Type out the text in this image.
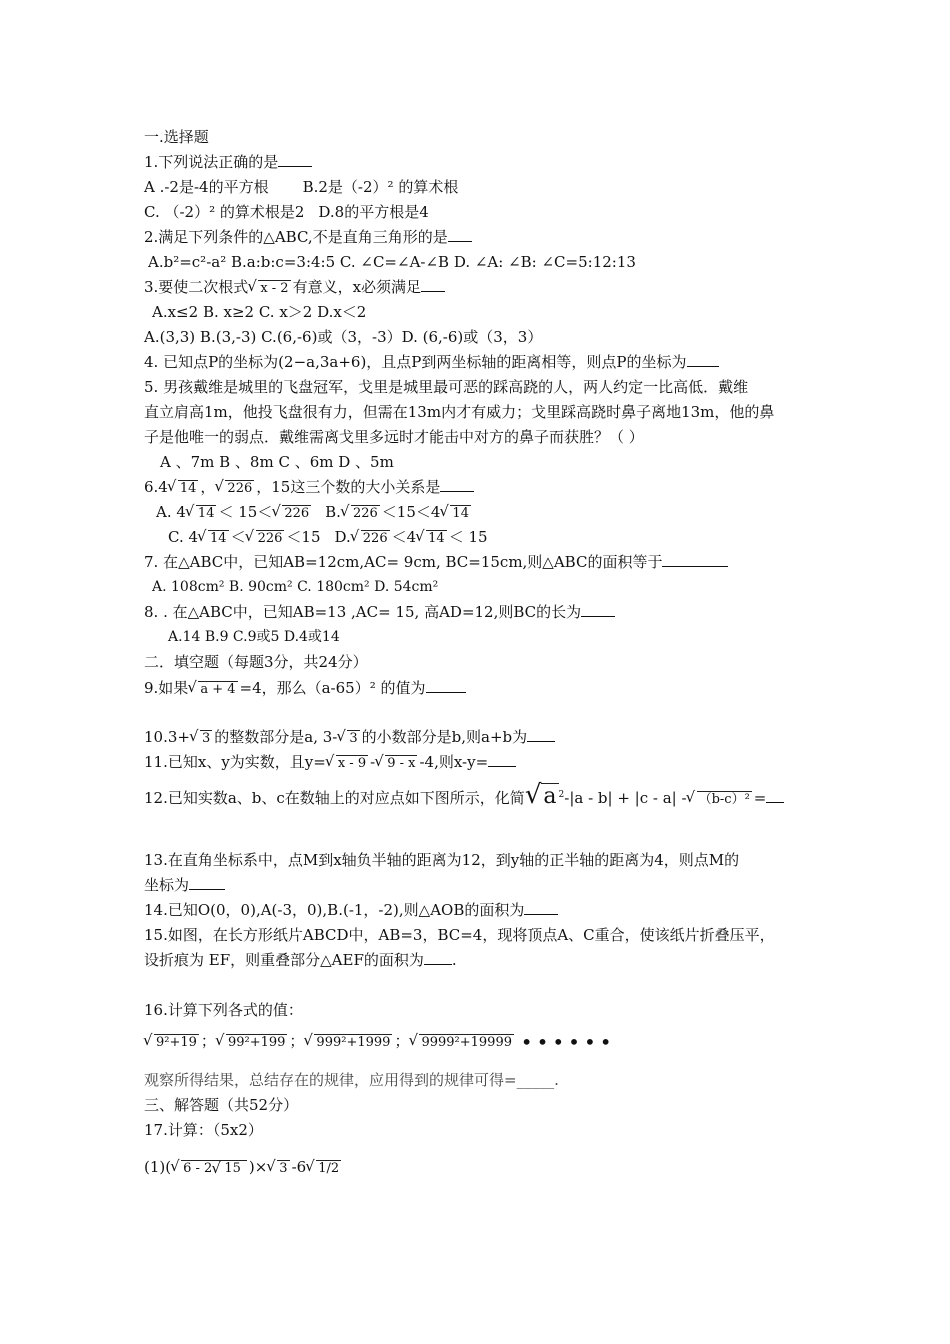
一.选择题
1.下列说法正确的是
A .-2是-4的平方根 B.2是（-2）² 的算术根
C. （-2）² 的算术根是2 D.8的平方根是4
2.满足下列条件的△ABC,不是直角三角形的是
A.b²=c²-a² B.a:b:c=3:4:5 C. ∠C=∠A-∠B D. ∠A: ∠B: ∠C=5:12:13
3.要使二次根式 √ x - 2 有意义，x必须满足
A.x≤2 B. x≥2 C. x＞2 D.x＜2
A.(3,3) B.(3,-3) C.(6,-6)或（3，-3）D. (6,-6)或（3，3）
4. 已知点P的坐标为(2−a,3a+6)，且点P到两坐标轴的距离相等，则点P的坐标为
5. 男孩戴维是城里的飞盘冠军，戈里是城里最可恶的踩高跷的人，两人约定一比高低．戴维
直立肩高1m，他投飞盘很有力，但需在13m内才有威力；戈里踩高跷时鼻子离地13m，他的鼻
子是他唯一的弱点．戴维需离戈里多远时才能击中对方的鼻子而获胜？（ ）
A 、7m B 、8m C 、6m D 、5m
6.4 √ 14 ， √ 226 ，15这三个数的大小关系是
A. 4 √ 14 ＜ 15＜ √ 226 B. √ 226 ＜15＜4 √ 14
C. 4 √ 14 ＜ √ 226 ＜15 D. √ 226 ＜4 √ 14 ＜ 15
7. 在△ABC中，已知AB=12cm,AC= 9cm, BC=15cm,则△ABC的面积等于
A. 108cm² B. 90cm² C. 180cm² D. 54cm²
8. . 在△ABC中，已知AB=13 ,AC= 15, 高AD=12,则BC的长为
A.14 B.9 C.9或5 D.4或14
二．填空题（每题3分，共24分）
9.如果 √ a + 4 =4，那么（a-65）² 的值为
10.3+ √ 3 的整数部分是a, 3- √ 3 的小数部分是b,则a+b为
11.已知x、y为实数，且y= √ x - 9 - √ 9 - x -4,则x-y=
12.已知实数a、b、c在数轴上的对应点如下图所示，化简√a $^2$-|a - b| + |c - a| - √ （b-c）² =
13.在直角坐标系中，点M到x轴负半轴的距离为12，到y轴的正半轴的距离为4，则点M的
坐标为
14.已知O(0，0),A(-3，0),B.(-1，-2),则△AOB的面积为
15.如图，在长方形纸片ABCD中，AB=3，BC=4，现将顶点A、C重合，使该纸片折叠压平，
设折痕为 EF，则重叠部分△AEF的面积为 .
16.计算下列各式的值：
√ 9²+19 ； √ 99²+199 ； √ 999²+1999 ； √ 9999²+19999 ••••••
观察所得结果，总结存在的规律，应用得到的规律可得=_____.
三、解答题（共52分）
17.计算：（5x2）
(1)( √ 6 - 2 √ 15 )× √ 3 -6 √ 1/2
